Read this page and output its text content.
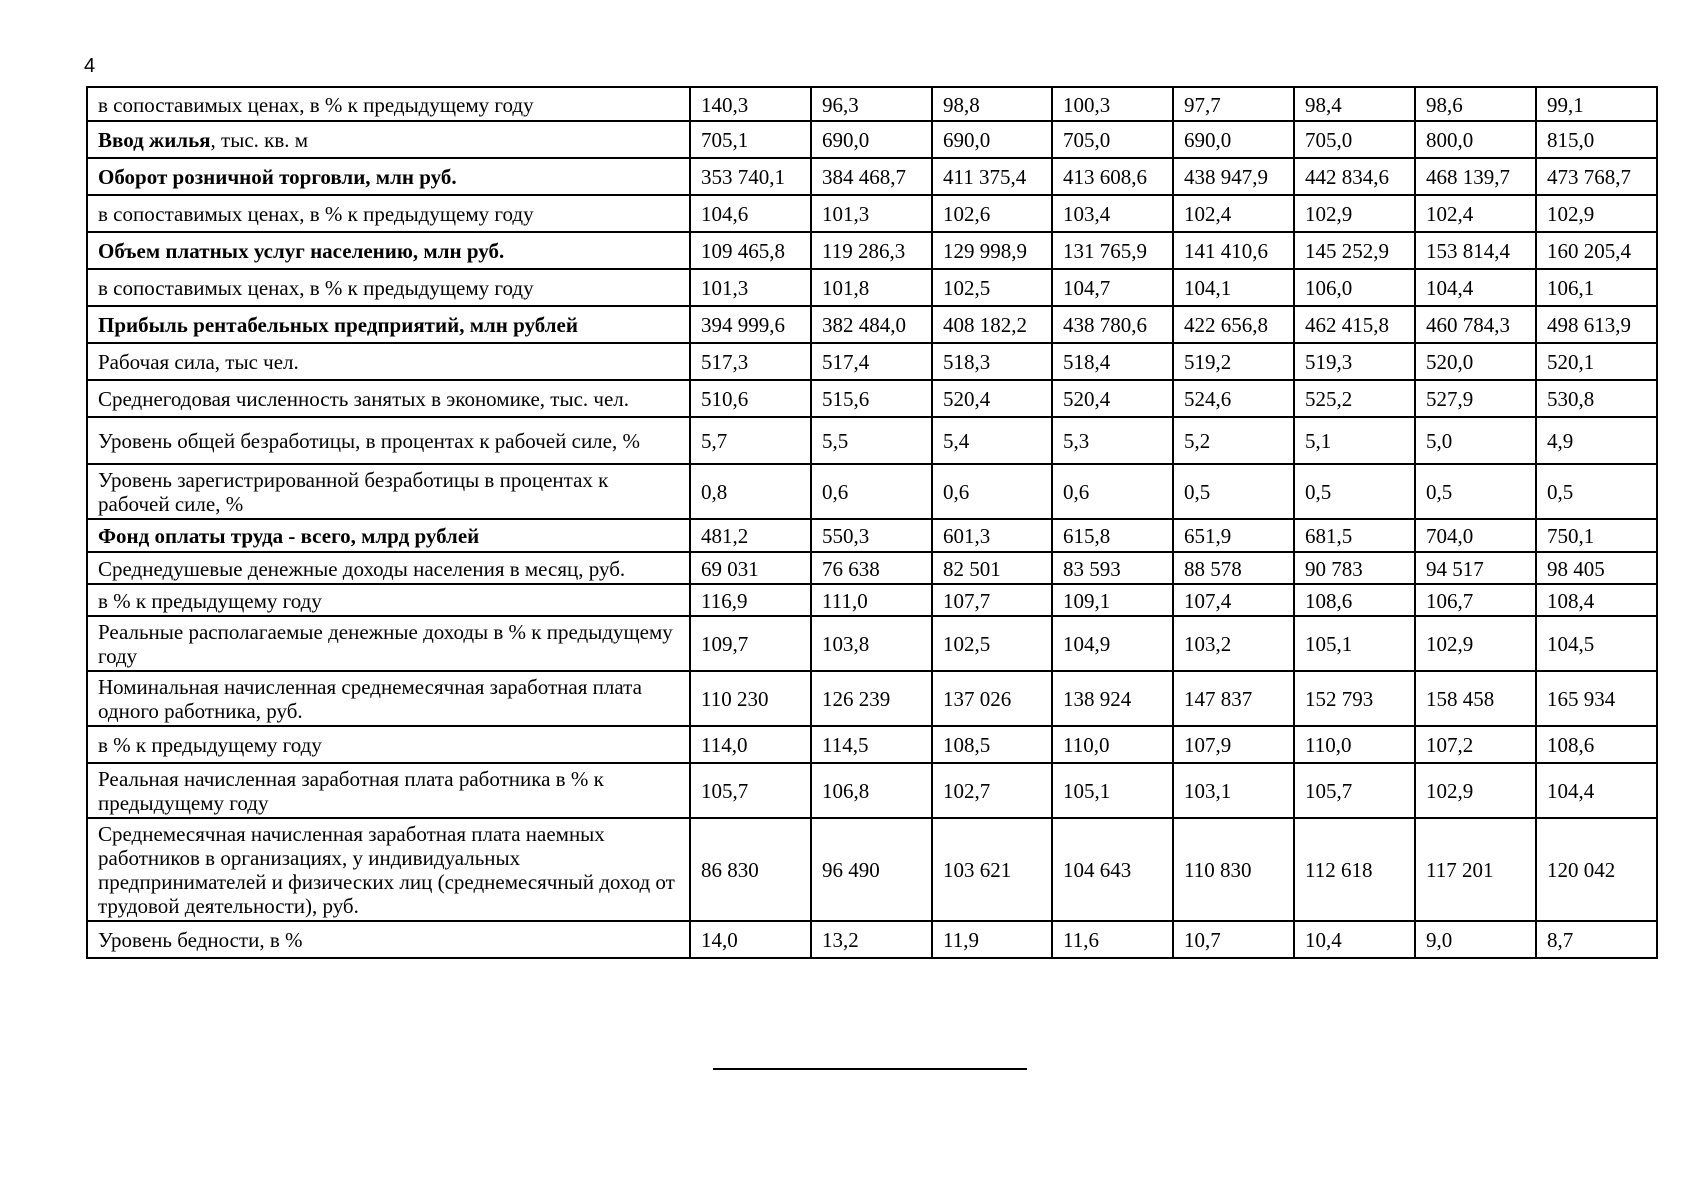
4
в сопоставимых ценах, в % к предыдущему году	140,3	96,3	98,8	100,3	97,7	98,4	98,6	99,1
Ввод жилья, тыс. кв. м	705,1	690,0	690,0	705,0	690,0	705,0	800,0	815,0
Оборот розничной торговли, млн руб.	353 740,1	384 468,7	411 375,4	413 608,6	438 947,9	442 834,6	468 139,7	473 768,7
в сопоставимых ценах, в % к предыдущему году	104,6	101,3	102,6	103,4	102,4	102,9	102,4	102,9
Объем платных услуг населению, млн руб.	109 465,8	119 286,3	129 998,9	131 765,9	141 410,6	145 252,9	153 814,4	160 205,4
в сопоставимых ценах, в % к предыдущему году	101,3	101,8	102,5	104,7	104,1	106,0	104,4	106,1
Прибыль рентабельных предприятий, млн рублей	394 999,6	382 484,0	408 182,2	438 780,6	422 656,8	462 415,8	460 784,3	498 613,9
Рабочая сила, тыс чел.	517,3	517,4	518,3	518,4	519,2	519,3	520,0	520,1
Среднегодовая численность занятых в экономике, тыс. чел.	510,6	515,6	520,4	520,4	524,6	525,2	527,9	530,8
Уровень общей безработицы, в процентах к рабочей силе, %	5,7	5,5	5,4	5,3	5,2	5,1	5,0	4,9
Уровень зарегистрированной безработицы в процентах к рабочей силе, %	0,8	0,6	0,6	0,6	0,5	0,5	0,5	0,5
Фонд оплаты труда - всего, млрд рублей	481,2	550,3	601,3	615,8	651,9	681,5	704,0	750,1
Среднедушевые денежные доходы населения в месяц, руб.	69 031	76 638	82 501	83 593	88 578	90 783	94 517	98 405
в % к предыдущему году	116,9	111,0	107,7	109,1	107,4	108,6	106,7	108,4
Реальные располагаемые денежные доходы в % к предыдущему году	109,7	103,8	102,5	104,9	103,2	105,1	102,9	104,5
Номинальная начисленная среднемесячная заработная плата одного работника, руб.	110 230	126 239	137 026	138 924	147 837	152 793	158 458	165 934
в % к предыдущему году	114,0	114,5	108,5	110,0	107,9	110,0	107,2	108,6
Реальная начисленная заработная плата работника в % к предыдущему году	105,7	106,8	102,7	105,1	103,1	105,7	102,9	104,4
Среднемесячная начисленная заработная плата наемных работников в организациях, у индивидуальных предпринимателей и физических лиц (среднемесячный доход от трудовой деятельности), руб.	86 830	96 490	103 621	104 643	110 830	112 618	117 201	120 042
Уровень бедности, в %	14,0	13,2	11,9	11,6	10,7	10,4	9,0	8,7
